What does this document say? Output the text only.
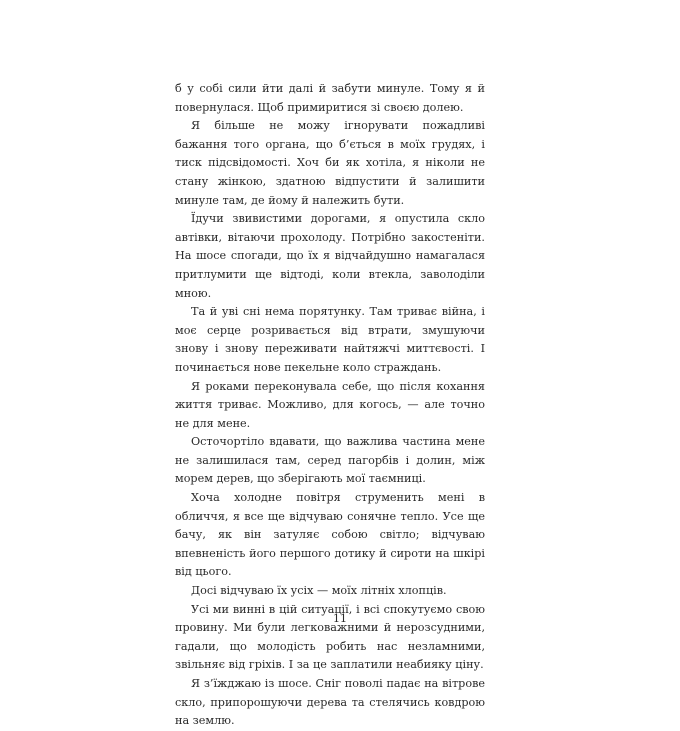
б у собі сили йти далі й забути минуле. Тому я й повернулася. Щоб примиритися зі своєю долею.

Я більше не можу ігнорувати пожадливі бажання того органа, що б’ється в моїх грудях, і тиск підсвідомості. Хоч би як хотіла, я ніколи не стану жінкою, здатною відпустити й залишити минуле там, де йому й належить бути.

Їдучи звивистими дорогами, я опустила скло автівки, вітаючи прохолоду. Потрібно закостеніти. На шосе спогади, що їх я відчайдушно намагалася притлумити ще відтоді, коли втекла, заволоділи мною.

Та й уві сні нема порятунку. Там триває війна, і моє серце розривається від втрати, змушуючи знову і знову переживати найтяжчі миттєвості. І починається нове пекельне коло страждань.

Я роками переконувала себе, що після кохання життя триває. Можливо, для когось, — але точно не для мене.

Осточортіло вдавати, що важлива частина мене не залишилася там, серед пагорбів і долин, між морем дерев, що зберігають мої таємниці.

Хоча холодне повітря струменить мені в обличчя, я все ще відчуваю сонячне тепло. Усе ще бачу, як він затуляє собою світло; відчуваю впевненість його першого дотику й сироти на шкірі від цього.

Досі відчуваю їх усіх — моїх літніх хлопців.

Усі ми винні в цій ситуації, і всі спокутуємо свою провину. Ми були легковажними й нерозсудними, гадали, що молодість робить нас незламними, звільняє від гріхів. І за це заплатили неабияку ціну.

Я з’їжджаю із шосе. Сніг поволі падає на вітрове скло, припорошуючи дерева та стелячись ковдрою на землю.

11
